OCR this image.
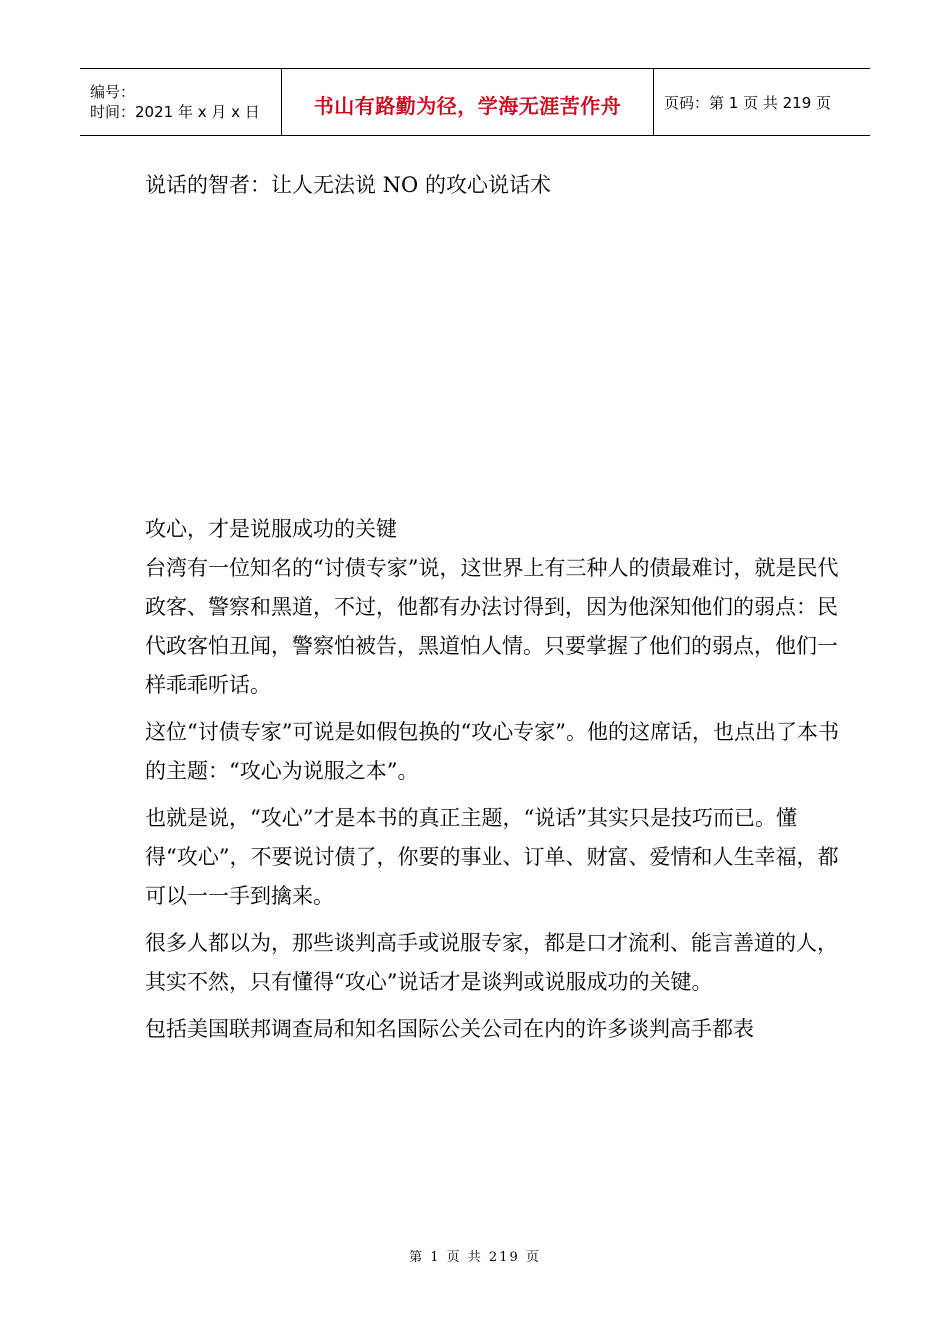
编号：
时间：2021 年 x 月 x 日	书山有路勤为径，学海无涯苦作舟	页码：第 1 页 共 219 页
说话的智者：让人无法说 NO 的攻心说话术

攻心，才是说服成功的关键

台湾有一位知名的“讨债专家”说，这世界上有三种人的债最难讨，就是民代政客、警察和黑道，不过，他都有办法讨得到，因为他深知他们的弱点：民代政客怕丑闻，警察怕被告，黑道怕人情。只要掌握了他们的弱点，他们一样乖乖听话。

这位“讨债专家”可说是如假包换的“攻心专家”。他的这席话，也点出了本书的主题：“攻心为说服之本”。

也就是说，“攻心”才是本书的真正主题，“说话”其实只是技巧而已。懂得“攻心”，不要说讨债了，你要的事业、订单、财富、爱情和人生幸福，都可以一一手到擒来。

很多人都以为，那些谈判高手或说服专家，都是口才流利、能言善道的人，其实不然，只有懂得“攻心”说话才是谈判或说服成功的关键。

包括美国联邦调查局和知名国际公关公司在内的许多谈判高手都表

第 1 页 共 219 页
